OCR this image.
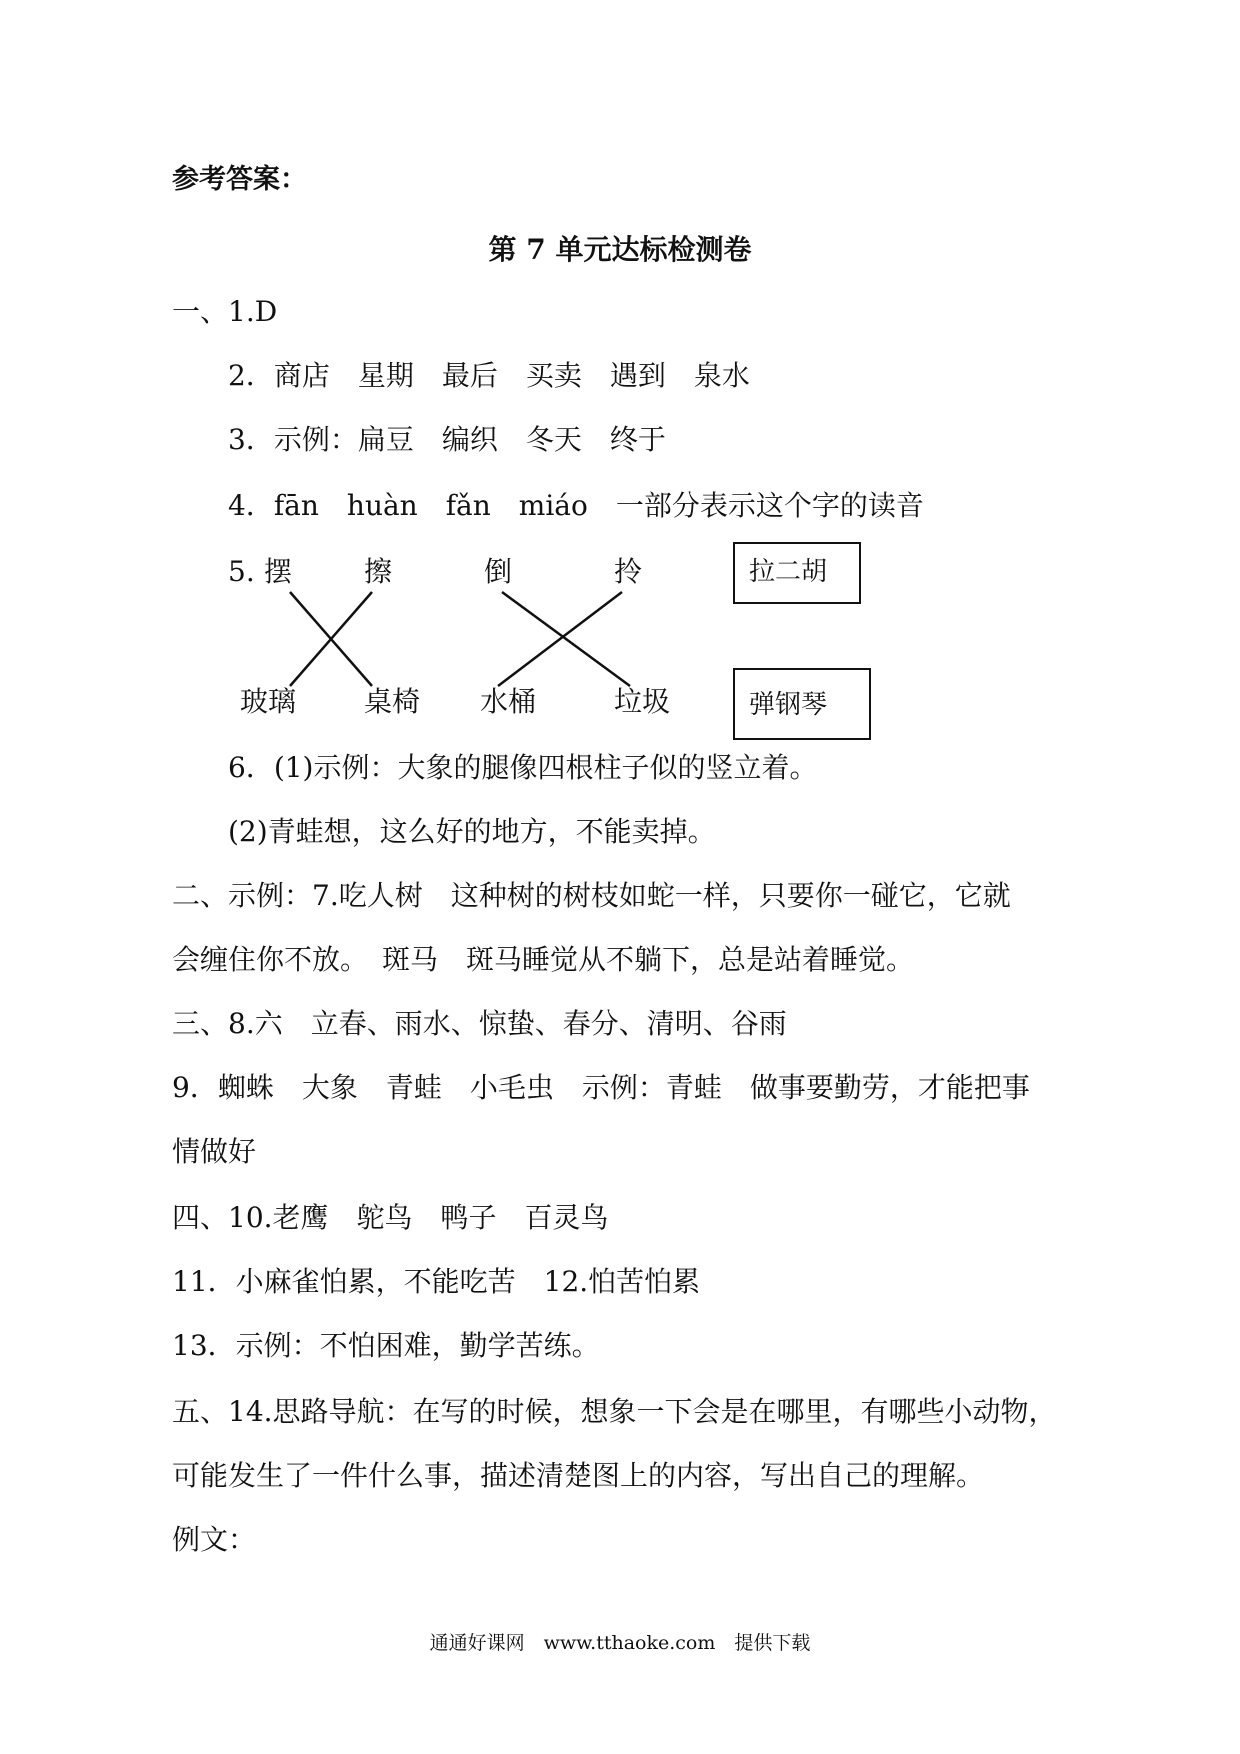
参考答案：
第 7 单元达标检测卷
一、1.D
2．商店　星期　最后　买卖　遇到　泉水
3．示例：扁豆　编织　冬天　终于
4．fān　huàn　fǎn　miáo　一部分表示这个字的读音
5. 摆	擦	倒	拎
玻璃 桌椅 水桶	垃圾
拉二胡
弹钢琴
6．(1)示例：大象的腿像四根柱子似的竖立着。
(2)青蛙想，这么好的地方，不能卖掉。
二、示例：7.吃人树　这种树的树枝如蛇一样，只要你一碰它，它就
会缠住你不放。　斑马　斑马睡觉从不躺下，总是站着睡觉。
三、8.六　立春、雨水、惊蛰、春分、清明、谷雨
9．蜘蛛　大象　青蛙　小毛虫　示例：青蛙　做事要勤劳，才能把事
情做好
四、10.老鹰　鸵鸟　鸭子　百灵鸟
11．小麻雀怕累，不能吃苦　12.怕苦怕累
13．示例：不怕困难，勤学苦练。
五、14.思路导航：在写的时候，想象一下会是在哪里，有哪些小动物，
可能发生了一件什么事，描述清楚图上的内容，写出自己的理解。
例文：
通通好课网　www.tthaoke.com　提供下载
